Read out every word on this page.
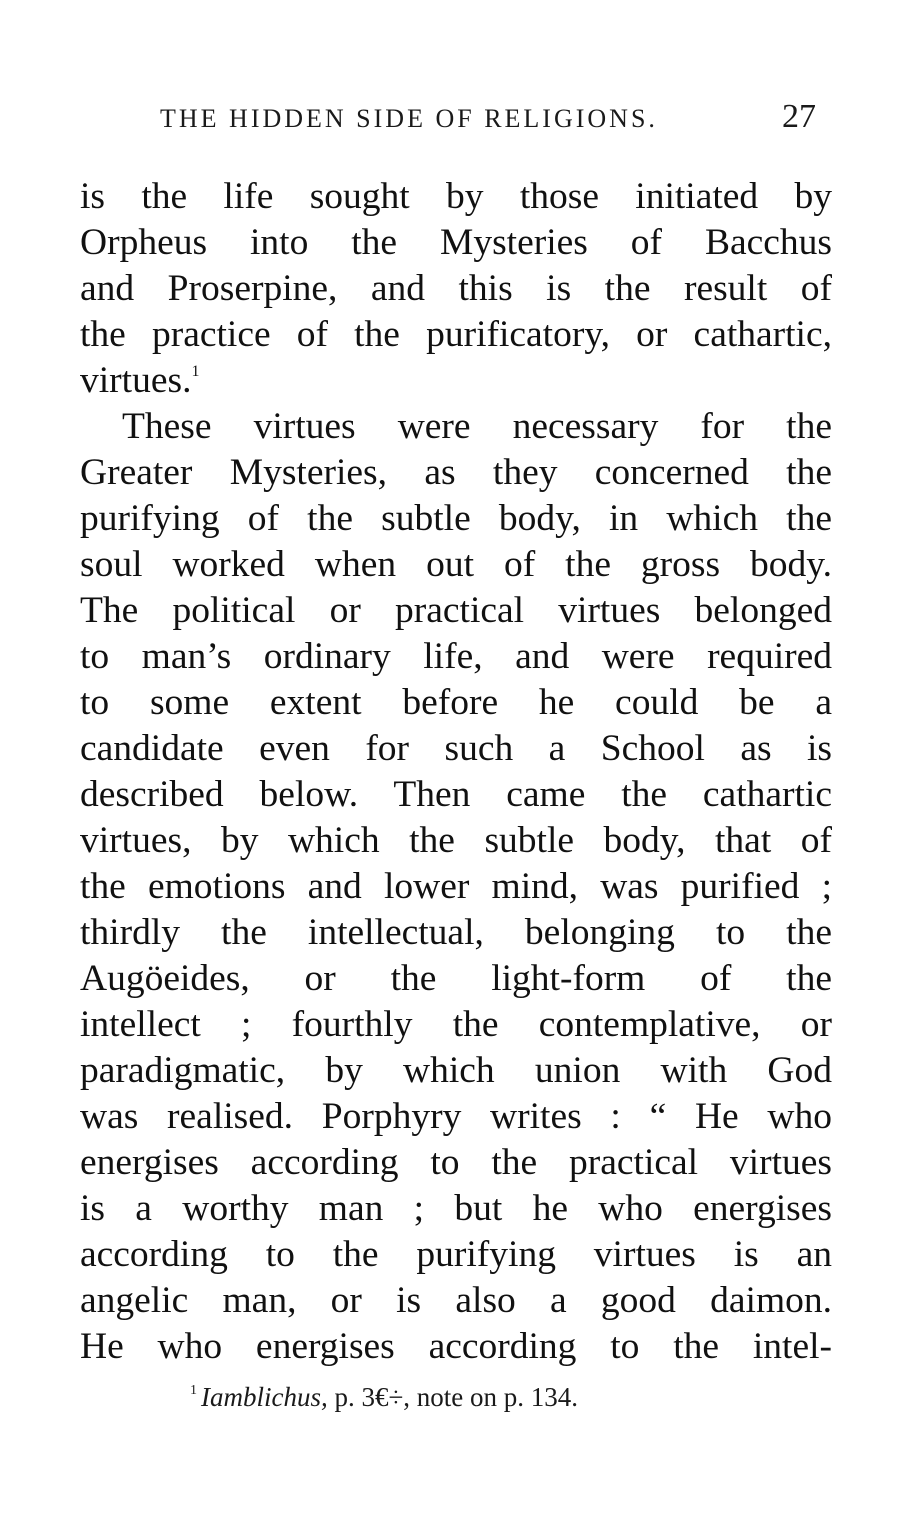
THE HIDDEN SIDE OF RELIGIONS.	27
is the life sought by those initiated by
Orpheus into the Mysteries of Bacchus
and Proserpine, and this is the result of
the practice of the purificatory, or cathartic,
virtues.$^1$
These virtues were necessary for the
Greater Mysteries, as they concerned the
purifying of the subtle body, in which the
soul worked when out of the gross body.
The political or practical virtues belonged
to man’s ordinary life, and were required
to some extent before he could be a
candidate even for such a School as is
described below. Then came the cathartic
virtues, by which the subtle body, that of
the emotions and lower mind, was purified ;
thirdly the intellectual, belonging to the
Augöeides, or the light-form of the
intellect ; fourthly the contemplative, or
paradigmatic, by which union with God
was realised. Porphyry writes : “ He who
energises according to the practical virtues
is a worthy man ; but he who energises
according to the purifying virtues is an
angelic man, or is also a good daimon.
He who energises according to the intel-
$^1$ Iamblichus, p. 3€÷, note on p. 134.
